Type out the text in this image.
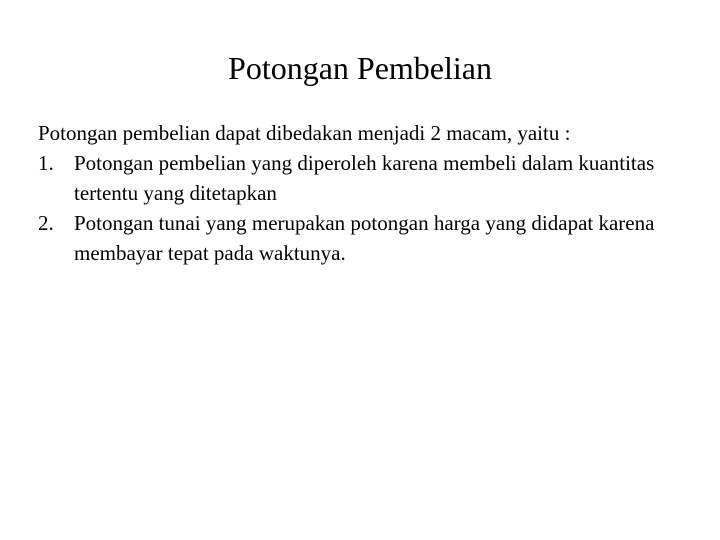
Potongan Pembelian

Potongan pembelian dapat dibedakan menjadi 2 macam, yaitu :

1. Potongan pembelian yang diperoleh karena membeli dalam kuantitas tertentu yang ditetapkan
2. Potongan tunai yang merupakan potongan harga yang didapat karena membayar tepat pada waktunya.
